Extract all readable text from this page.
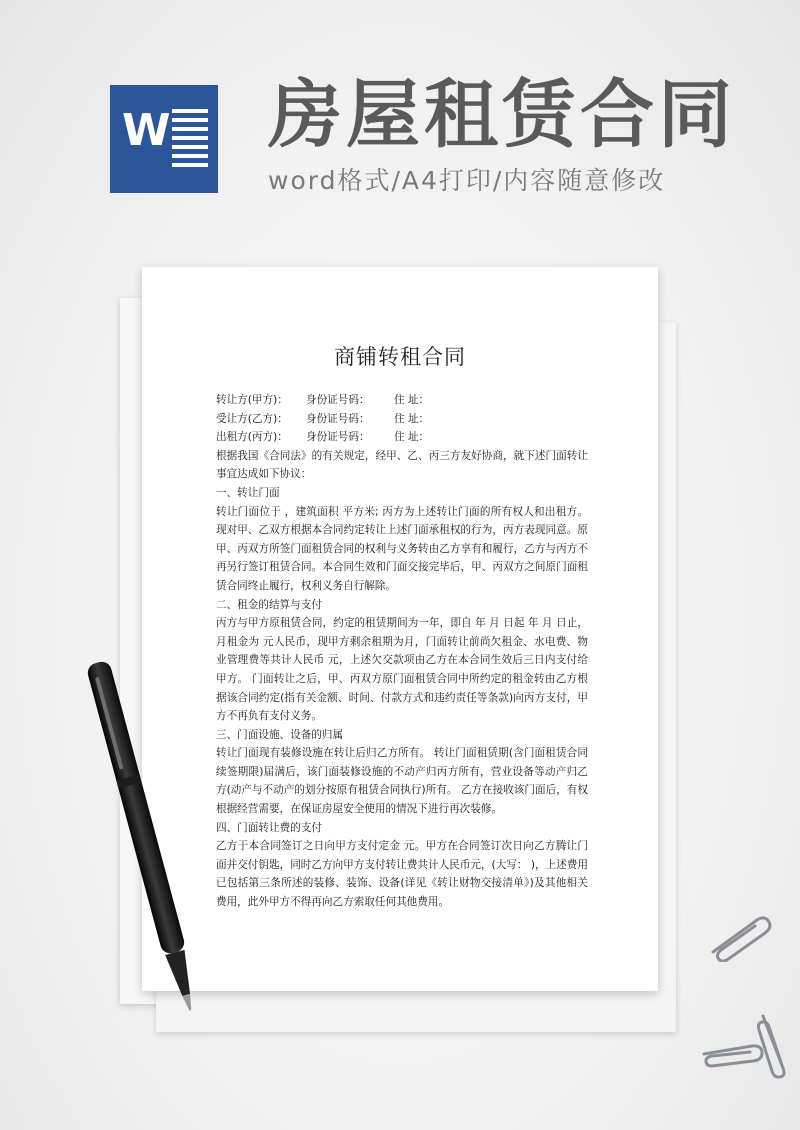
W 房屋租赁合同
word格式/A4打印/内容随意修改
商铺转租合同
转让方(甲方)：	身份证号码：	住 址：
受让方(乙方)：	身份证号码：	住 址：
出租方(丙方)：	身份证号码：	住 址：
根据我国《合同法》的有关规定，经甲、乙、丙三方友好协商，就下述门面转让事宜达成如下协议：
一、转让门面
转让门面位于 ，建筑面积 平方米; 丙方为上述转让门面的所有权人和出租方。现对甲、乙双方根据本合同约定转让上述门面承租权的行为，丙方表现同意。原甲、丙双方所签门面租赁合同的权利与义务转由乙方享有和履行，乙方与丙方不再另行签订租赁合同。本合同生效和门面交接完毕后，甲、丙双方之间原门面租赁合同终止履行，权利义务自行解除。
二、租金的结算与支付
丙方与甲方原租赁合同，约定的租赁期间为一年，即自 年 月 日起 年 月 日止，月租金为 元人民币，现甲方剩余租期为月，门面转让前尚欠租金、水电费、物业管理费等共计人民币 元，上述欠交款项由乙方在本合同生效后三日内支付给甲方。 门面转让之后，甲、丙双方原门面租赁合同中所约定的租金转由乙方根据该合同约定(指有关金额、时间、付款方式和违约责任等条款)向丙方支付，甲方不再负有支付义务。
三、门面设施、设备的归属
转让门面现有装修设施在转让后归乙方所有。 转让门面租赁期(含门面租赁合同续签期限)届满后，该门面装修设施的不动产归丙方所有，营业设备等动产归乙方(动产与不动产的划分按原有租赁合同执行)所有。 乙方在接收该门面后，有权根据经营需要，在保证房屋安全使用的情况下进行再次装修。
四、门面转让费的支付
乙方于本合同签订之日向甲方支付定金 元。甲方在合同签订次日向乙方腾让门面并交付钥匙，同时乙方向甲方支付转让费共计人民币元，(大写： )，上述费用已包括第三条所述的装修、装饰、设备(详见《转让财物交接清单》)及其他相关费用，此外甲方不得再向乙方索取任何其他费用。
